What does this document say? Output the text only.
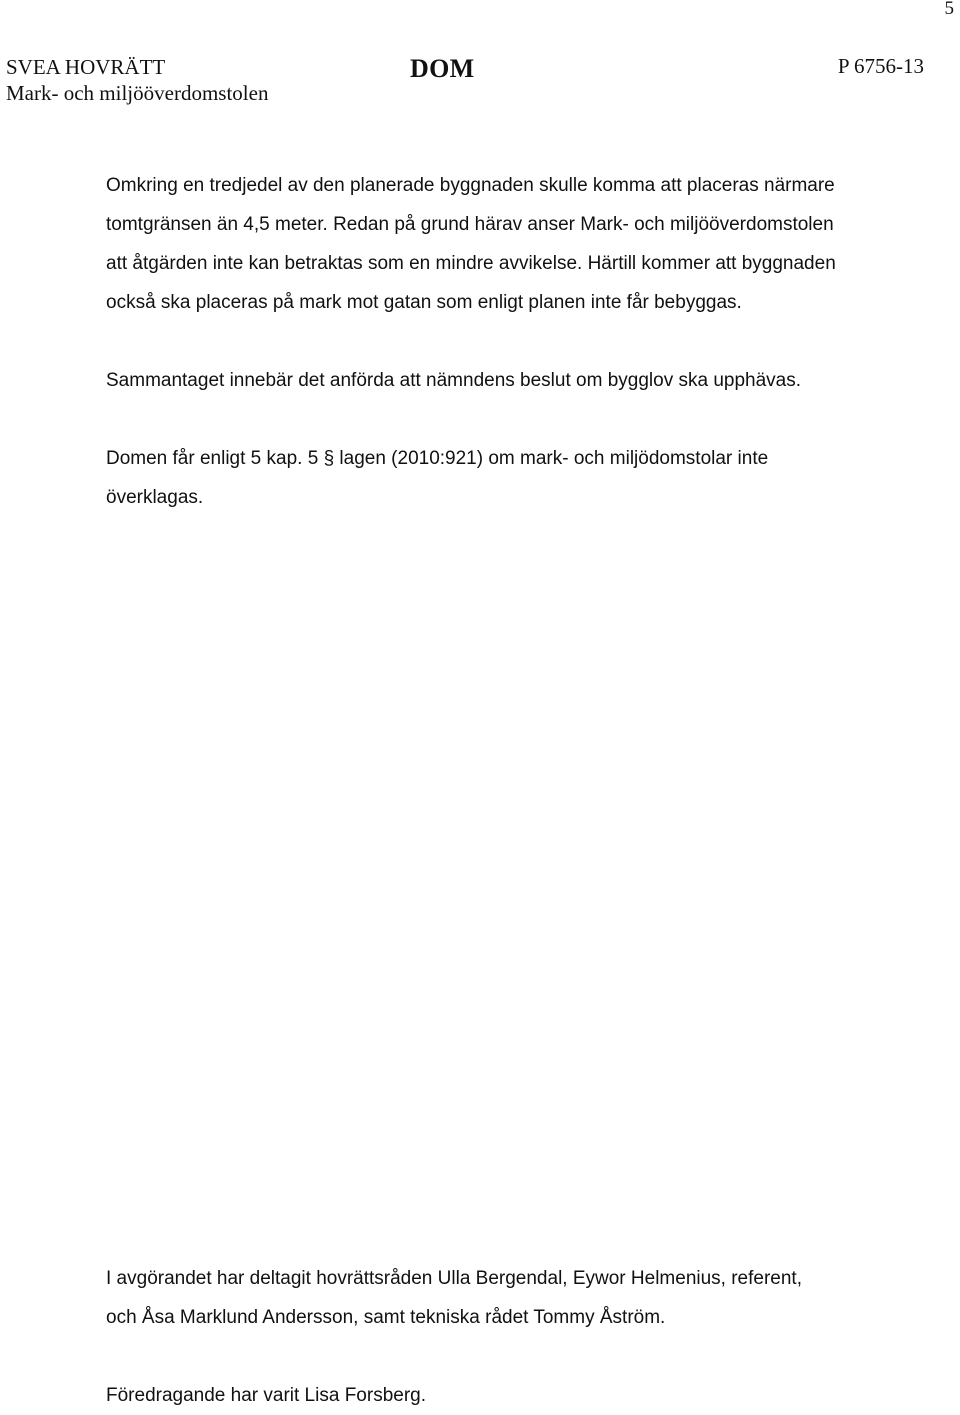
5
SVEA HOVRÄTT
Mark- och miljööverdomstolen
DOM	P 6756-13

Omkring en tredjedel av den planerade byggnaden skulle komma att placeras närmare

tomtgränsen än 4,5 meter. Redan på grund härav anser Mark- och miljööverdomstolen

att åtgärden inte kan betraktas som en mindre avvikelse. Härtill kommer att byggnaden

också ska placeras på mark mot gatan som enligt planen inte får bebyggas.

Sammantaget innebär det anförda att nämndens beslut om bygglov ska upphävas.

Domen får enligt 5 kap. 5 § lagen (2010:921) om mark- och miljödomstolar inte

överklagas.

I avgörandet har deltagit hovrättsråden Ulla Bergendal, Eywor Helmenius, referent,

och Åsa Marklund Andersson, samt tekniska rådet Tommy Åström.

Föredragande har varit Lisa Forsberg.
